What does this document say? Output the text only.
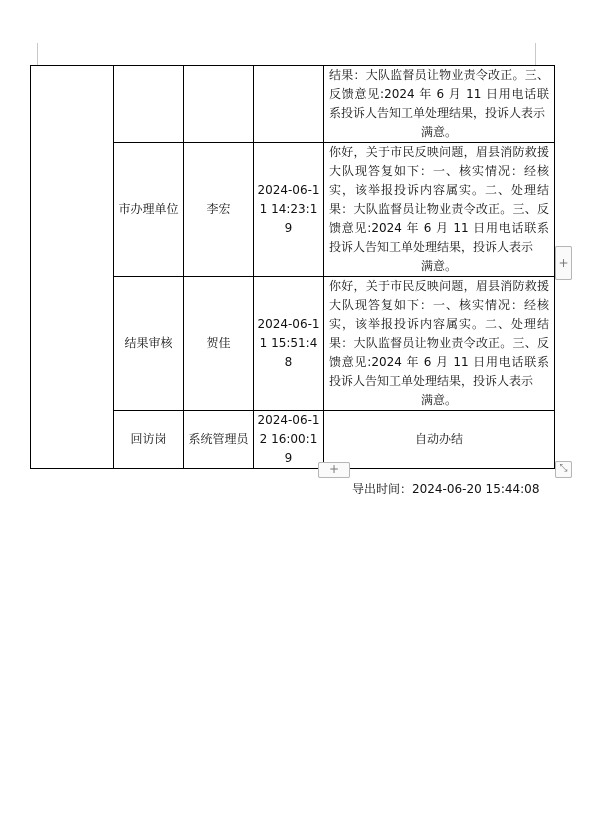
				结果：大队监督员让物业责令改正。三、反馈意见:2024 年 6 月 11 日用电话联系投诉人告知工单处理结果，投诉人表示
满意。

	市办理单位	李宏	2024-06-11 14:23:19	你好，关于市民反映问题，眉县消防救援大队现答复如下：一、核实情况：经核实，该举报投诉内容属实。二、处理结果：大队监督员让物业责令改正。三、反馈意见:2024 年 6 月 11 日用电话联系投诉人告知工单处理结果，投诉人表示
满意。

	结果审核	贺佳	2024-06-11 15:51:48	你好，关于市民反映问题，眉县消防救援大队现答复如下：一、核实情况：经核实，该举报投诉内容属实。二、处理结果：大队监督员让物业责令改正。三、反馈意见:2024 年 6 月 11 日用电话联系投诉人告知工单处理结果，投诉人表示
满意。

	回访岗	系统管理员	2024-06-12 16:00:19	自动办结
+
+	⤡
导出时间：2024-06-20 15:44:08
